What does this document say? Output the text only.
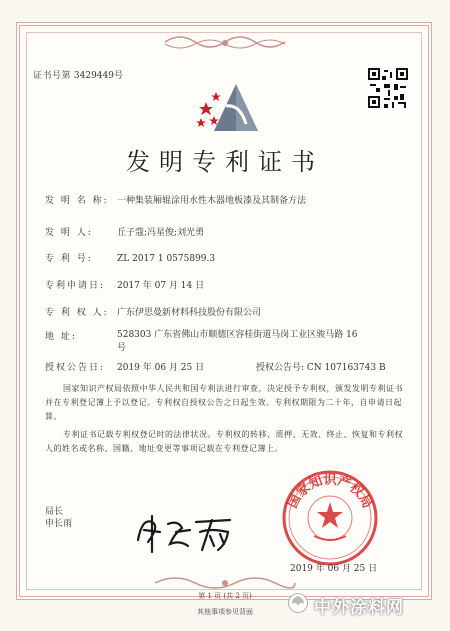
证书号第 3429449号
发明专利证书
发 明 名 称: 一种集装厢辊涂用水性木器地板漆及其制备方法
发 明 人:	丘子蔻;冯星俊;刘光勇
专 利 号:	ZL 2017 1 0575899.3
专利申请日: 2017 年 07 月 14 日
专 利 权 人: 广东伊思曼新材料科技股份有限公司
地 址:	528303 广东省佛山市顺德区容桂街道马岗工业区骏马路 16 号
授权公告日: 2019 年 06 月 25 日	授权公告号: CN 107163743 B
国家知识产权局依照中华人民共和国专利法进行审查，决定授予专利权，颁发发明专利证书并在专利登记簿上予以登记。专利权自授权公告之日起生效。专利权期限为二十年，自申请日起算。
专利证书记载专利权登记时的法律状况。专利权的转移、质押、无效、终止、恢复和专利权人的姓名或名称、国籍、地址变更等事项记载在专利登记簿上。
局长
申长雨
国家知识产权局
2019 年 06 月 25 日
第 1 页 (共 2 页)
其他事项参见背面	中外涂料网
